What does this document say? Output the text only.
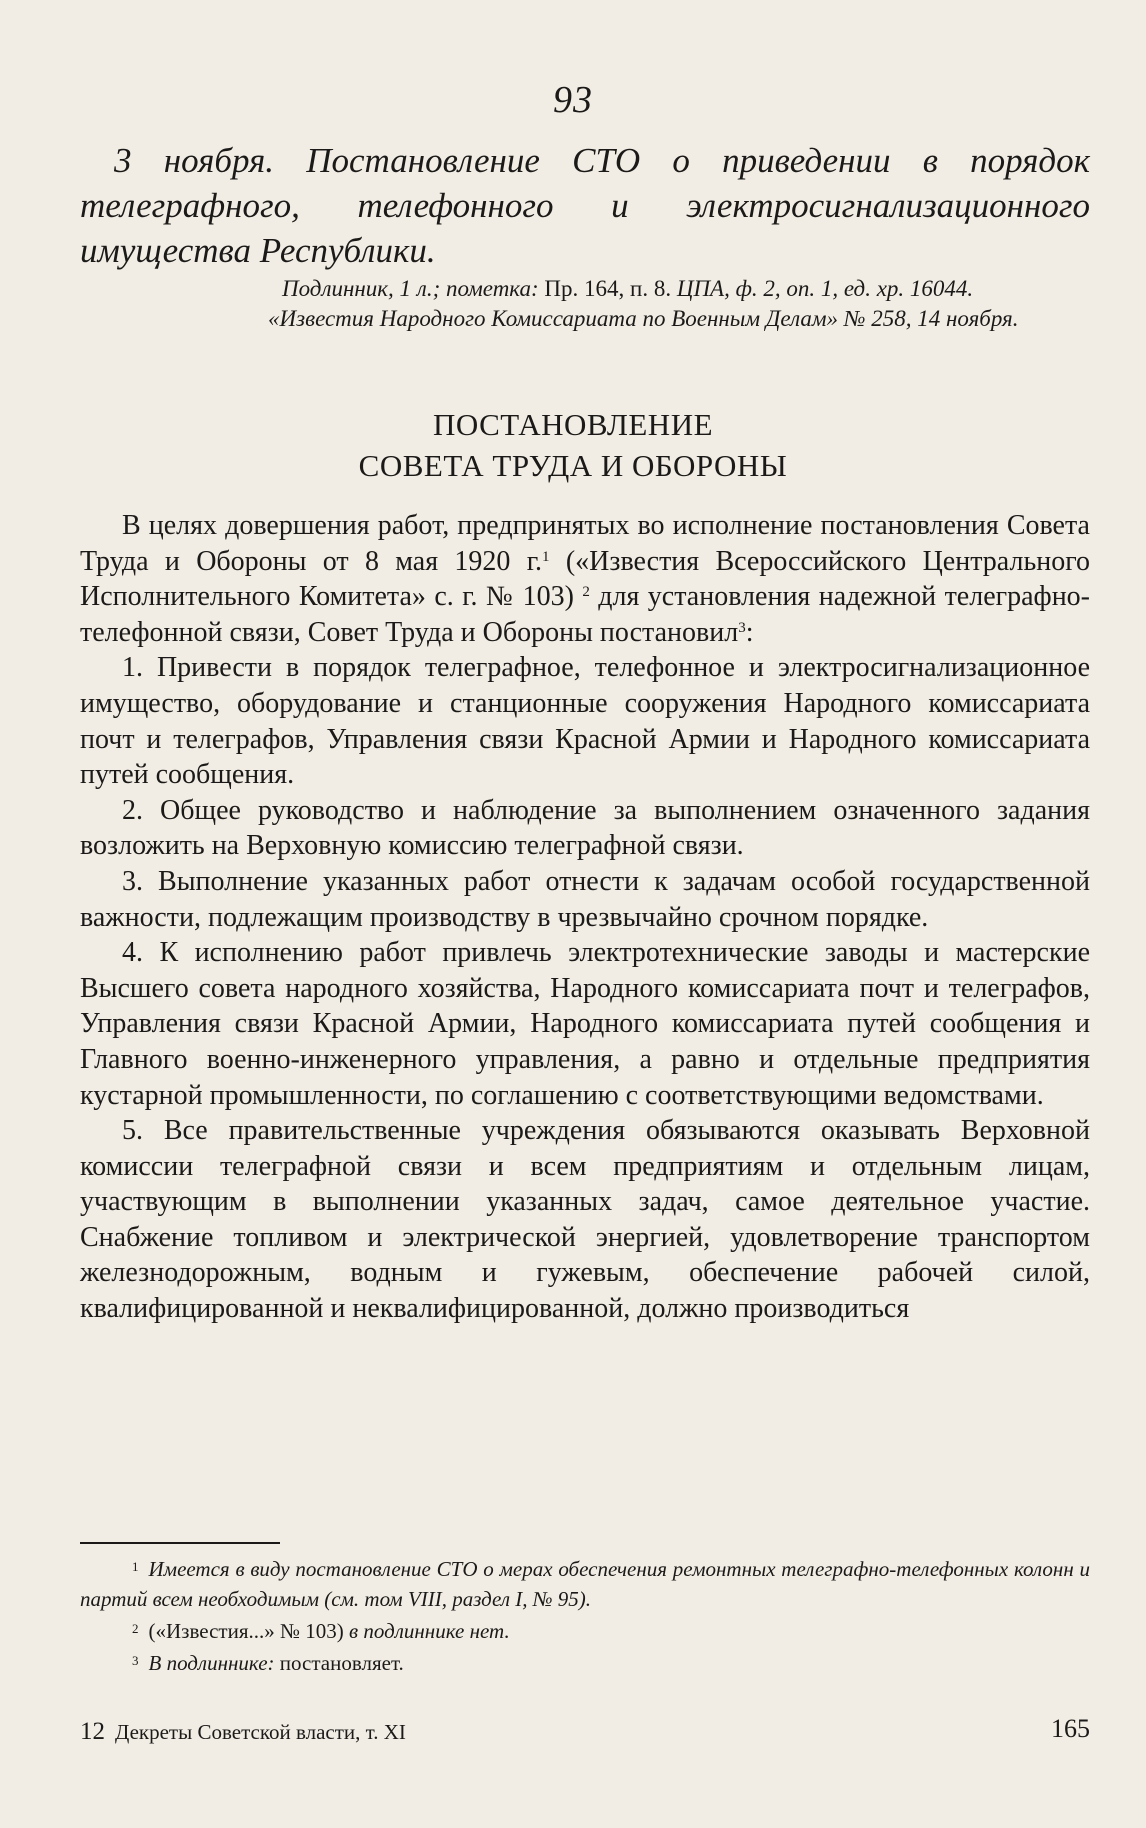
93
3 ноября. Постановление СТО о приведении в порядок телеграфного, телефонного и электросигнализационного имущества Республики.

Подлинник, 1 л.; пометка: Пр. 164, п. 8. ЦПА, ф. 2, оп. 1, ед. хр. 16044.

«Известия Народного Комиссариата по Военным Делам» № 258, 14 ноября.

ПОСТАНОВЛЕНИЕ
СОВЕТА ТРУДА И ОБОРОНЫ

В целях довершения работ, предпринятых во исполнение постановления Совета Труда и Обороны от 8 мая 1920 г.$^1$ («Известия Всероссийского Центрального Исполнительного Комитета» с. г. № 103) $^2$ для установления надежной телеграфно-телефонной связи, Совет Труда и Обороны постановил$^3$:

1. Привести в порядок телеграфное, телефонное и электросигнализационное имущество, оборудование и станционные сооружения Народного комиссариата почт и телеграфов, Управления связи Красной Армии и Народного комиссариата путей сообщения.

2. Общее руководство и наблюдение за выполнением означенного задания возложить на Верховную комиссию телеграфной связи.

3. Выполнение указанных работ отнести к задачам особой государственной важности, подлежащим производству в чрезвычайно срочном порядке.

4. К исполнению работ привлечь электротехнические заводы и мастерские Высшего совета народного хозяйства, Народного комиссариата почт и телеграфов, Управления связи Красной Армии, Народного комиссариата путей сообщения и Главного военно-инженерного управления, а равно и отдельные предприятия кустарной промышленности, по соглашению с соответствующими ведомствами.

5. Все правительственные учреждения обязываются оказывать Верховной комиссии телеграфной связи и всем предприятиям и отдельным лицам, участвующим в выполнении указанных задач, самое деятельное участие. Снабжение топливом и электрической энергией, удовлетворение транспортом железнодорожным, водным и гужевым, обеспечение рабочей силой, квалифицированной и неквалифицированной, должно производиться

$^1$ Имеется в виду постановление СТО о мерах обеспечения ремонтных телеграфно-телефонных колонн и партий всем необходимым (см. том VIII, раздел I, № 95).

$^2$ («Известия...» № 103) в подлиннике нет.

$^3$ В подлиннике: постановляет.

12 Декреты Советской власти, т. XI	165
